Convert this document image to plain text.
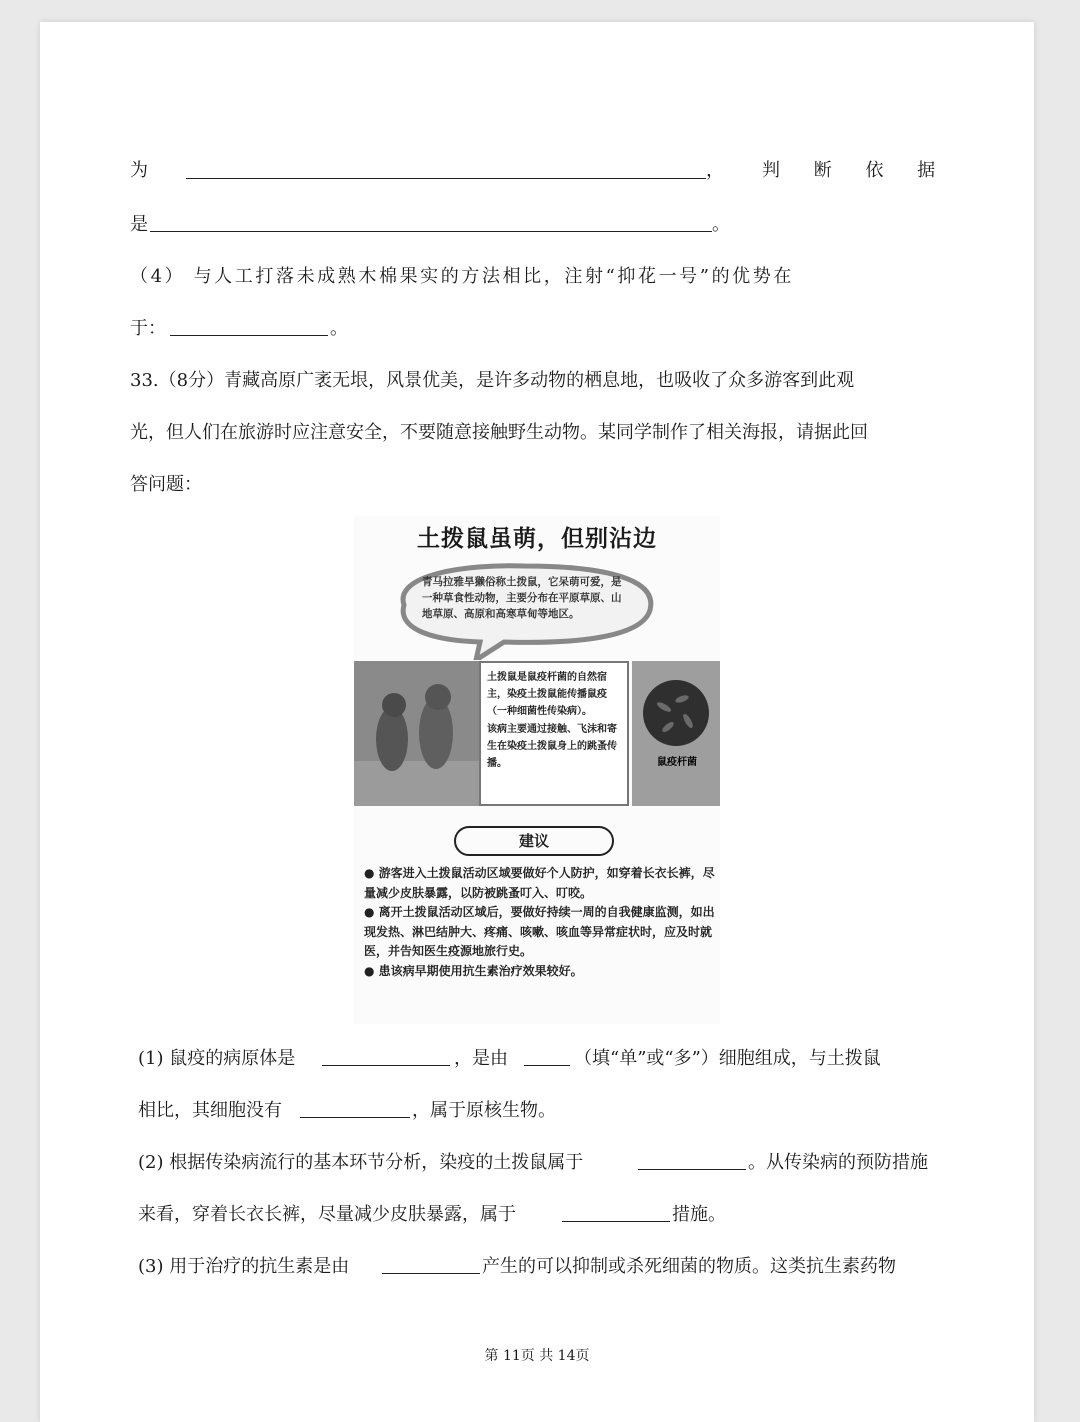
为	， 判 断 依 据
是	。
（4） 与人工打落未成熟木棉果实的方法相比，注射“抑花一号”的优势在
于：	。
33.（8分）青藏高原广袤无垠，风景优美，是许多动物的栖息地，也吸收了众多游客到此观
光，但人们在旅游时应注意安全，不要随意接触野生动物。某同学制作了相关海报，请据此回
答问题：
土拨鼠虽萌，但别沾边
青马拉雅旱獭俗称土拨鼠，它呆萌可爱，是一种草食性动物，主要分布在平原草原、山地草原、高原和高寒草甸等地区。
土拨鼠是鼠疫杆菌的自然宿主，染疫土拨鼠能传播鼠疫（一种细菌性传染病）。
该病主要通过接触、飞沫和寄生在染疫土拨鼠身上的跳蚤传播。	鼠疫杆菌
建议
● 游客进入土拨鼠活动区域要做好个人防护，如穿着长衣长裤，尽量减少皮肤暴露，以防被跳蚤叮入、叮咬。
● 离开土拨鼠活动区域后，要做好持续一周的自我健康监测，如出现发热、淋巴结肿大、疼痛、咳嗽、咳血等异常症状时，应及时就医，并告知医生疫源地旅行史。
● 患该病早期使用抗生素治疗效果较好。
(1) 鼠疫的病原体是	，是由	（填“单”或“多”）细胞组成，与土拨鼠
相比，其细胞没有	，属于原核生物。
(2) 根据传染病流行的基本环节分析，染疫的土拨鼠属于	。从传染病的预防措施
来看，穿着长衣长裤，尽量减少皮肤暴露，属于	措施。
(3) 用于治疗的抗生素是由	产生的可以抑制或杀死细菌的物质。这类抗生素药物
第 11页 共 14页
